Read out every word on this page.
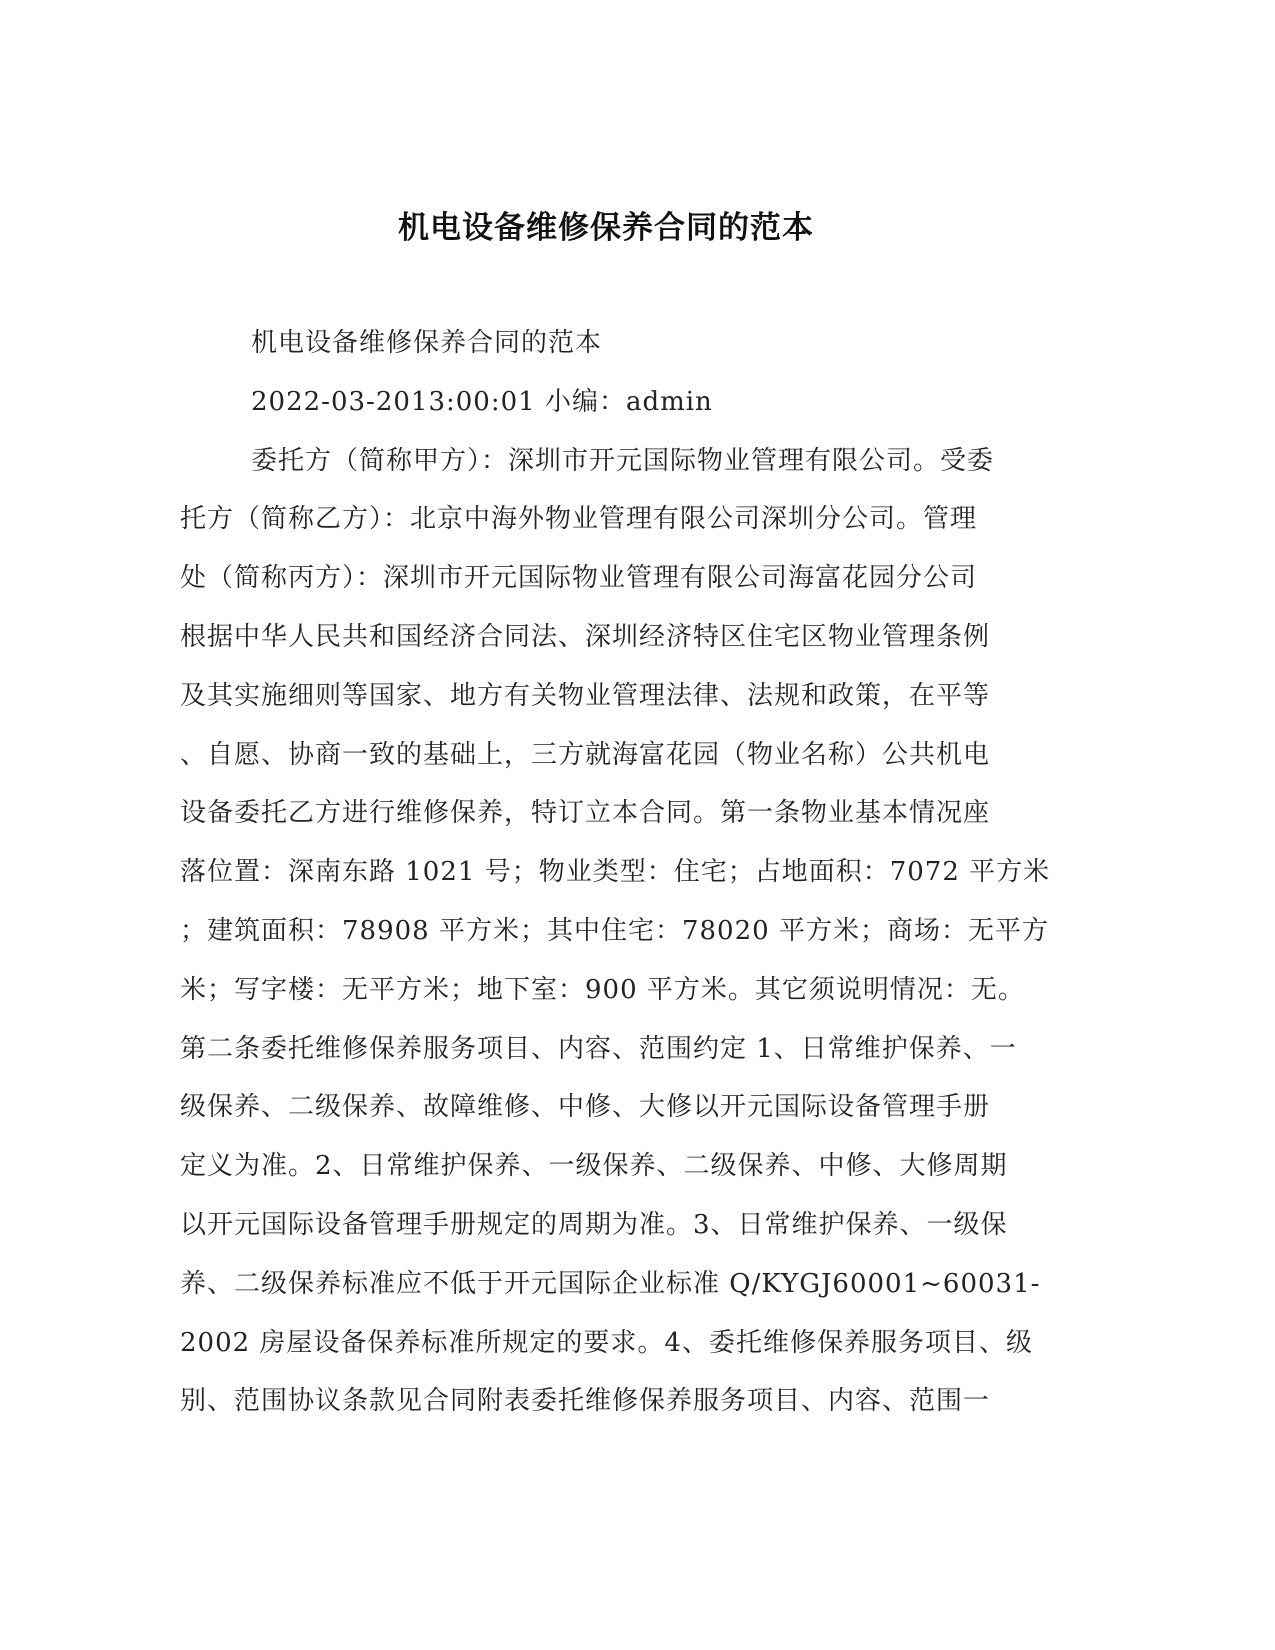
机电设备维修保养合同的范本
机电设备维修保养合同的范本
2022-03-2013:00:01 小编：admin
委托方（简称甲方）：深圳市开元国际物业管理有限公司。受委
托方（简称乙方）：北京中海外物业管理有限公司深圳分公司。管理
处（简称丙方）：深圳市开元国际物业管理有限公司海富花园分公司
根据中华人民共和国经济合同法、深圳经济特区住宅区物业管理条例
及其实施细则等国家、地方有关物业管理法律、法规和政策，在平等
、自愿、协商一致的基础上，三方就海富花园（物业名称）公共机电
设备委托乙方进行维修保养，特订立本合同。第一条物业基本情况座
落位置：深南东路 1021 号；物业类型：住宅；占地面积：7072 平方米
；建筑面积：78908 平方米；其中住宅：78020 平方米；商场：无平方
米；写字楼：无平方米；地下室：900 平方米。其它须说明情况：无。
第二条委托维修保养服务项目、内容、范围约定 1、日常维护保养、一
级保养、二级保养、故障维修、中修、大修以开元国际设备管理手册
定义为准。2、日常维护保养、一级保养、二级保养、中修、大修周期
以开元国际设备管理手册规定的周期为准。3、日常维护保养、一级保
养、二级保养标准应不低于开元国际企业标准 Q/KYGJ60001~60031-
2002 房屋设备保养标准所规定的要求。4、委托维修保养服务项目、级
别、范围协议条款见合同附表委托维修保养服务项目、内容、范围一
